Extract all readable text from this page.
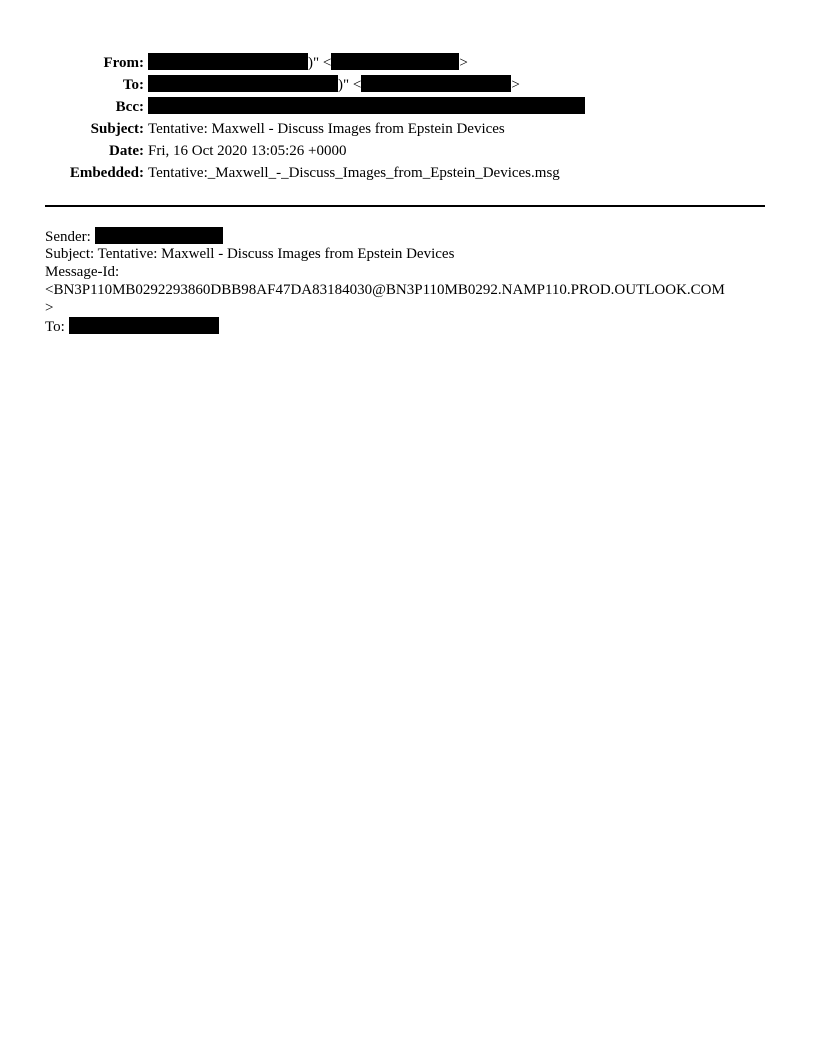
From:	)" <	>
To:	)" <	>
Bcc:
Subject: Tentative: Maxwell - Discuss Images from Epstein Devices
Date: Fri, 16 Oct 2020 13:05:26 +0000
Embedded: Tentative:_Maxwell_-_Discuss_Images_from_Epstein_Devices.msg
Sender:
Subject: Tentative: Maxwell - Discuss Images from Epstein Devices
Message-Id:
<BN3P110MB0292293860DBB98AF47DA83184030@BN3P110MB0292.NAMP110.PROD.OUTLOOK.COM
>
To:
